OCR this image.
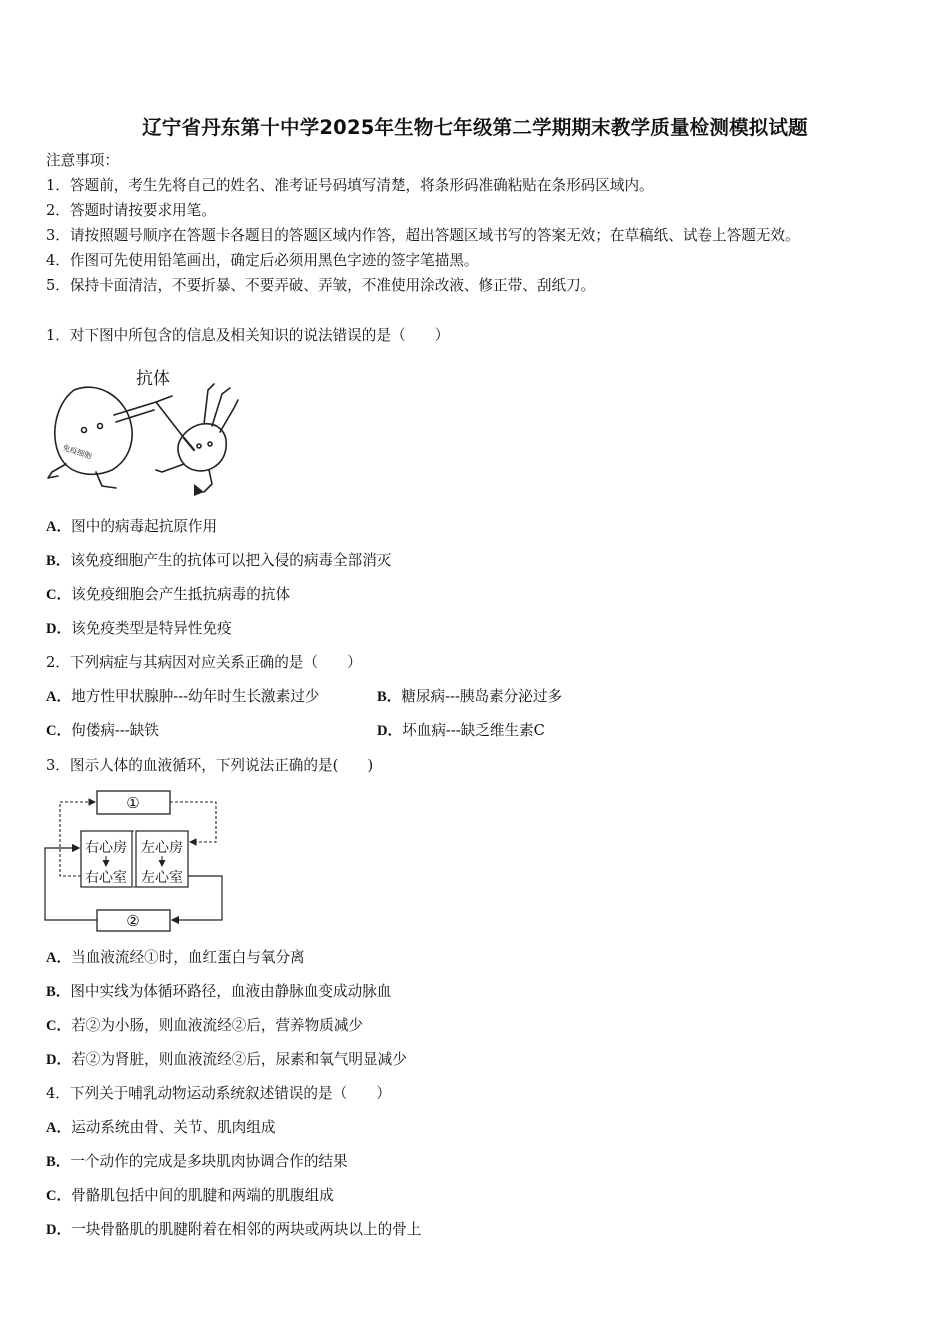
辽宁省丹东第十中学2025年生物七年级第二学期期末教学质量检测模拟试题
注意事项：
1．答题前，考生先将自己的姓名、准考证号码填写清楚，将条形码准确粘贴在条形码区域内。
2．答题时请按要求用笔。
3．请按照题号顺序在答题卡各题目的答题区域内作答，超出答题区域书写的答案无效；在草稿纸、试卷上答题无效。
4．作图可先使用铅笔画出，确定后必须用黑色字迹的签字笔描黑。
5．保持卡面清洁，不要折暴、不要弄破、弄皱，不准使用涂改液、修正带、刮纸刀。
1．对下图中所包含的信息及相关知识的说法错误的是（　　）
抗体
免疫细胞
A．图中的病毒起抗原作用
B．该免疫细胞产生的抗体可以把入侵的病毒全部消灭
C．该免疫细胞会产生抵抗病毒的抗体
D．该免疫类型是特异性免疫
2．下列病症与其病因对应关系正确的是（　　）
A．地方性甲状腺肿---幼年时生长激素过少	B．糖尿病---胰岛素分泌过多
C．佝偻病---缺铁	D．坏血病---缺乏维生素C
3．图示人体的血液循环，下列说法正确的是(　　)
①
②
右心房
右心室
左心房
左心室
A．当血液流经①时，血红蛋白与氧分离
B．图中实线为体循环路径，血液由静脉血变成动脉血
C．若②为小肠，则血液流经②后，营养物质减少
D．若②为肾脏，则血液流经②后，尿素和氧气明显减少
4．下列关于哺乳动物运动系统叙述错误的是（　　）
A．运动系统由骨、关节、肌肉组成
B．一个动作的完成是多块肌肉协调合作的结果
C．骨骼肌包括中间的肌腱和两端的肌腹组成
D．一块骨骼肌的肌腱附着在相邻的两块或两块以上的骨上
